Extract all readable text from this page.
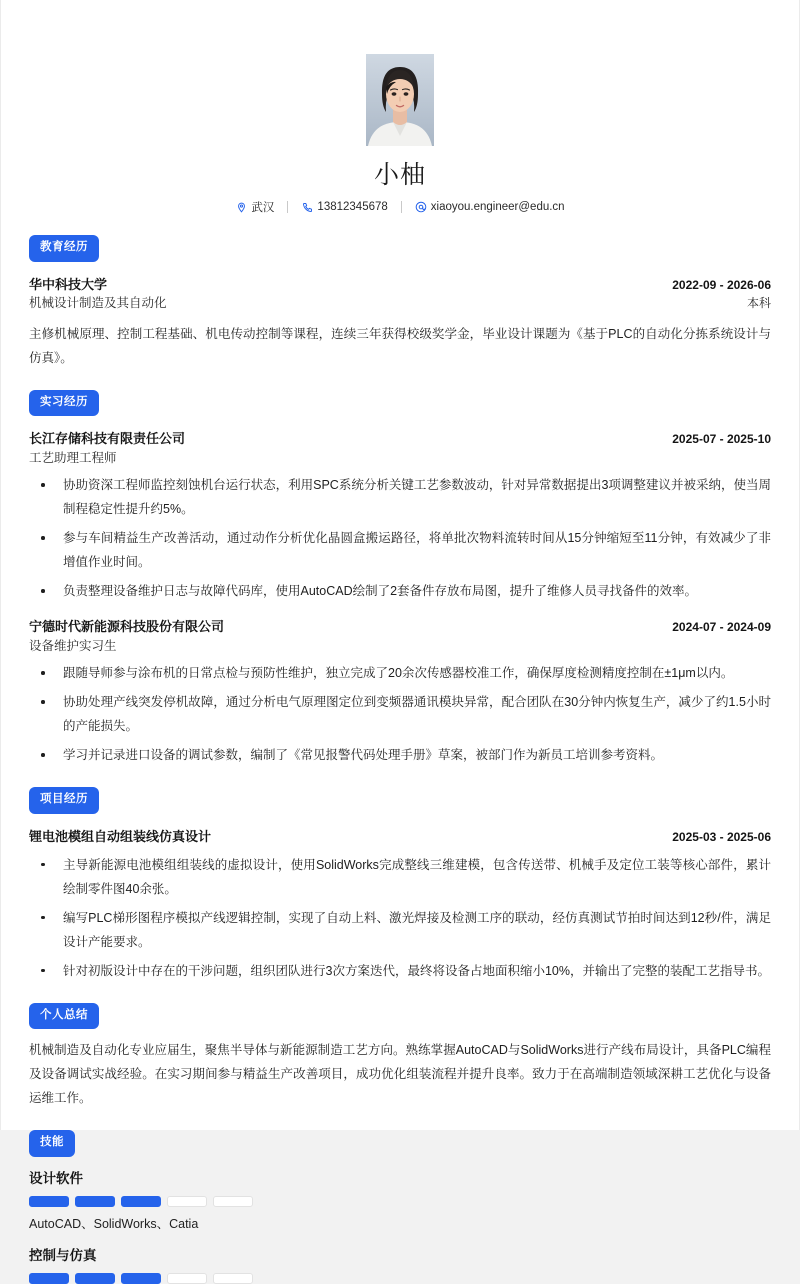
小柚
武汉	13812345678	xiaoyou.engineer@edu.cn
教育经历
华中科技大学	2022-09 - 2026-06
机械设计制造及其自动化	本科

主修机械原理、控制工程基础、机电传动控制等课程，连续三年获得校级奖学金，毕业设计课题为《基于PLC的自动化分拣系统设计与仿真》。

实习经历
长江存储科技有限责任公司	2025-07 - 2025-10
工艺助理工程师
协助资深工程师监控刻蚀机台运行状态，利用SPC系统分析关键工艺参数波动，针对异常数据提出3项调整建议并被采纳，使当周制程稳定性提升约5%。
参与车间精益生产改善活动，通过动作分析优化晶圆盒搬运路径，将单批次物料流转时间从15分钟缩短至11分钟，有效减少了非增值作业时间。
负责整理设备维护日志与故障代码库，使用AutoCAD绘制了2套备件存放布局图，提升了维修人员寻找备件的效率。
宁德时代新能源科技股份有限公司	2024-07 - 2024-09
设备维护实习生
跟随导师参与涂布机的日常点检与预防性维护，独立完成了20余次传感器校准工作，确保厚度检测精度控制在±1μm以内。
协助处理产线突发停机故障，通过分析电气原理图定位到变频器通讯模块异常，配合团队在30分钟内恢复生产，减少了约1.5小时的产能损失。
学习并记录进口设备的调试参数，编制了《常见报警代码处理手册》草案，被部门作为新员工培训参考资料。
项目经历
锂电池模组自动组装线仿真设计	2025-03 - 2025-06
主导新能源电池模组组装线的虚拟设计，使用SolidWorks完成整线三维建模，包含传送带、机械手及定位工装等核心部件，累计绘制零件图40余张。
编写PLC梯形图程序模拟产线逻辑控制，实现了自动上料、激光焊接及检测工序的联动，经仿真测试节拍时间达到12秒/件，满足设计产能要求。
针对初版设计中存在的干涉问题，组织团队进行3次方案迭代，最终将设备占地面积缩小10%，并输出了完整的装配工艺指导书。
个人总结

机械制造及自动化专业应届生，聚焦半导体与新能源制造工艺方向。熟练掌握AutoCAD与SolidWorks进行产线布局设计，具备PLC编程及设备调试实战经验。在实习期间参与精益生产改善项目，成功优化组装流程并提升良率。致力于在高端制造领域深耕工艺优化与设备运维工作。

技能
设计软件
AutoCAD、SolidWorks、Catia
控制与仿真
